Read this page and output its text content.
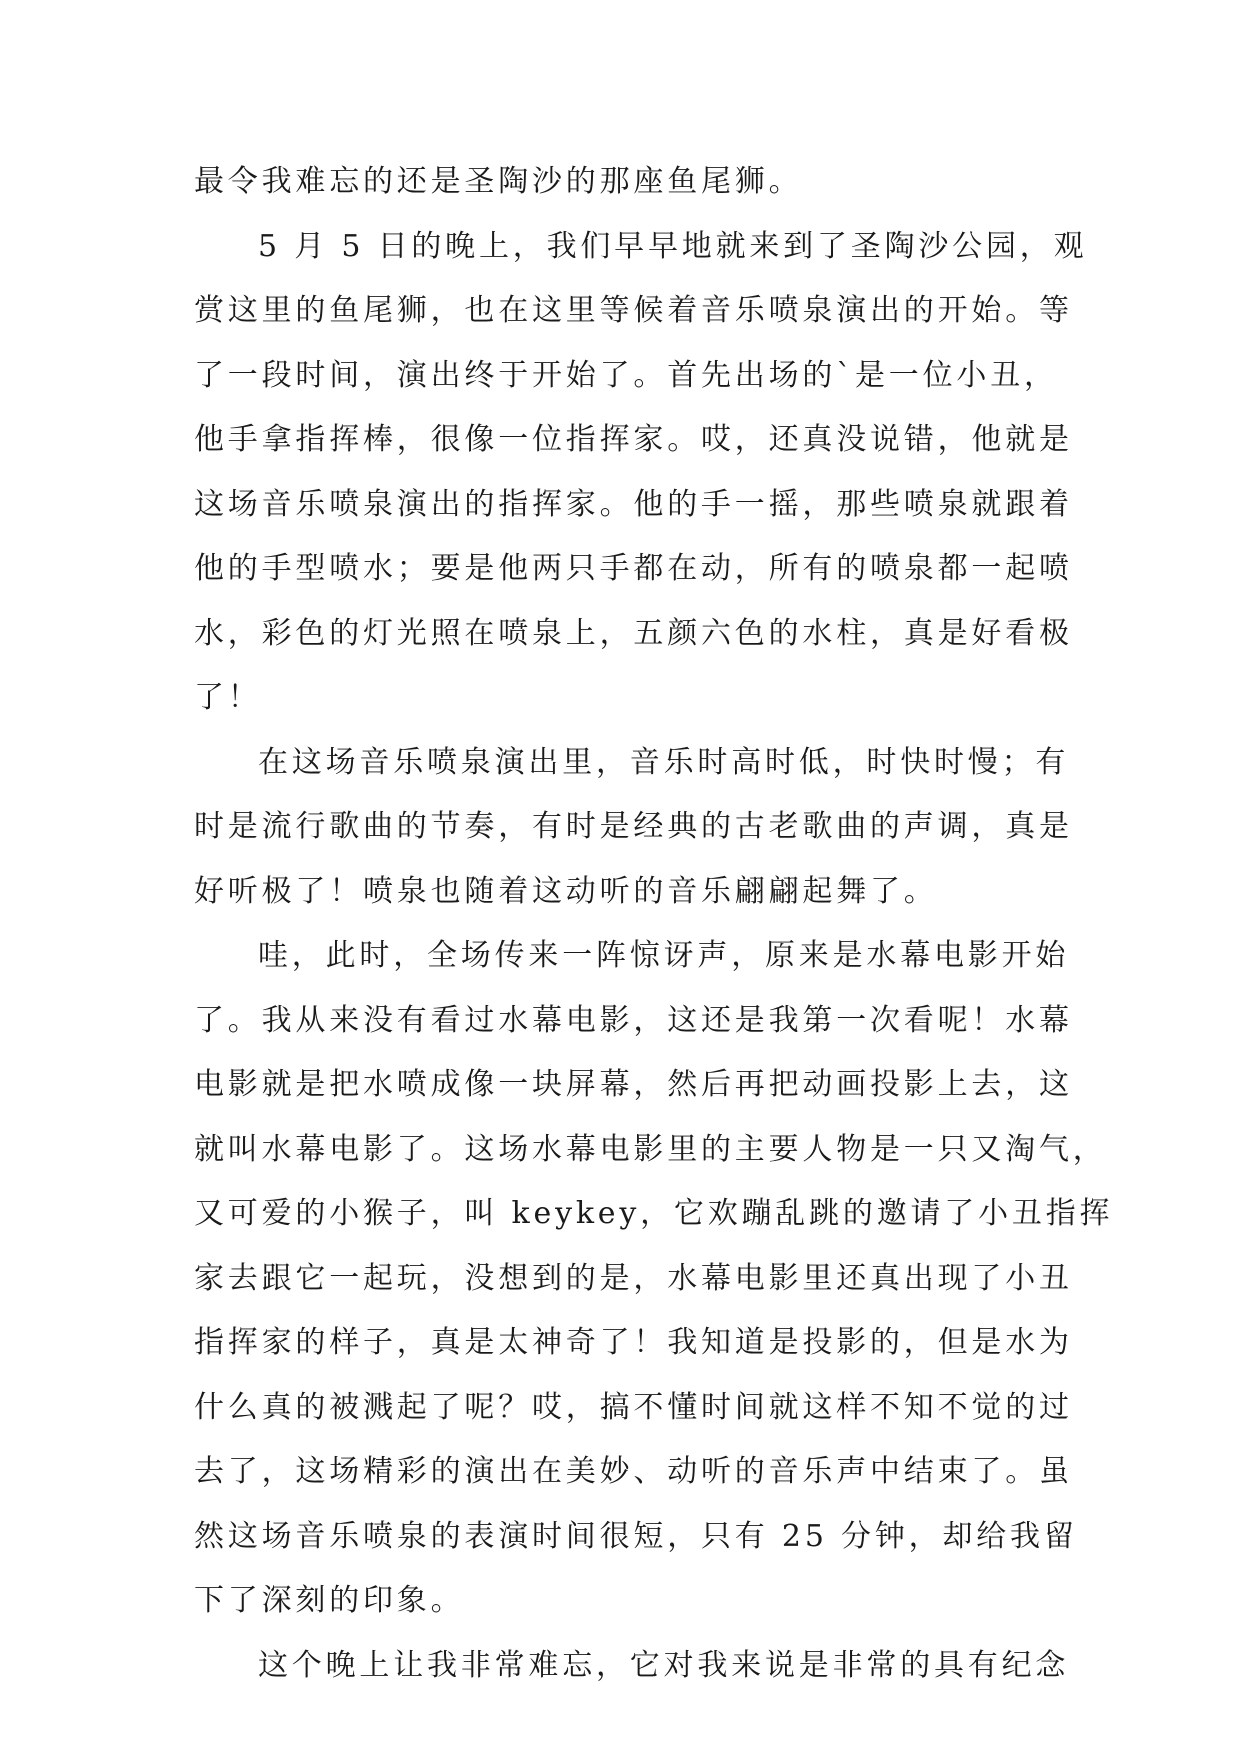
最令我难忘的还是圣陶沙的那座鱼尾狮。
5 月 5 日的晚上，我们早早地就来到了圣陶沙公园，观
赏这里的鱼尾狮，也在这里等候着音乐喷泉演出的开始。等
了一段时间，演出终于开始了。首先出场的`是一位小丑，
他手拿指挥棒，很像一位指挥家。哎，还真没说错，他就是
这场音乐喷泉演出的指挥家。他的手一摇，那些喷泉就跟着
他的手型喷水；要是他两只手都在动，所有的喷泉都一起喷
水，彩色的灯光照在喷泉上，五颜六色的水柱，真是好看极
了！
在这场音乐喷泉演出里，音乐时高时低，时快时慢；有
时是流行歌曲的节奏，有时是经典的古老歌曲的声调，真是
好听极了！喷泉也随着这动听的音乐翩翩起舞了。
哇，此时，全场传来一阵惊讶声，原来是水幕电影开始
了。我从来没有看过水幕电影，这还是我第一次看呢！水幕
电影就是把水喷成像一块屏幕，然后再把动画投影上去，这
就叫水幕电影了。这场水幕电影里的主要人物是一只又淘气，
又可爱的小猴子，叫 keykey，它欢蹦乱跳的邀请了小丑指挥
家去跟它一起玩，没想到的是，水幕电影里还真出现了小丑
指挥家的样子，真是太神奇了！我知道是投影的，但是水为
什么真的被溅起了呢？哎，搞不懂时间就这样不知不觉的过
去了，这场精彩的演出在美妙、动听的音乐声中结束了。虽
然这场音乐喷泉的表演时间很短，只有 25 分钟，却给我留
下了深刻的印象。
这个晚上让我非常难忘，它对我来说是非常的具有纪念
